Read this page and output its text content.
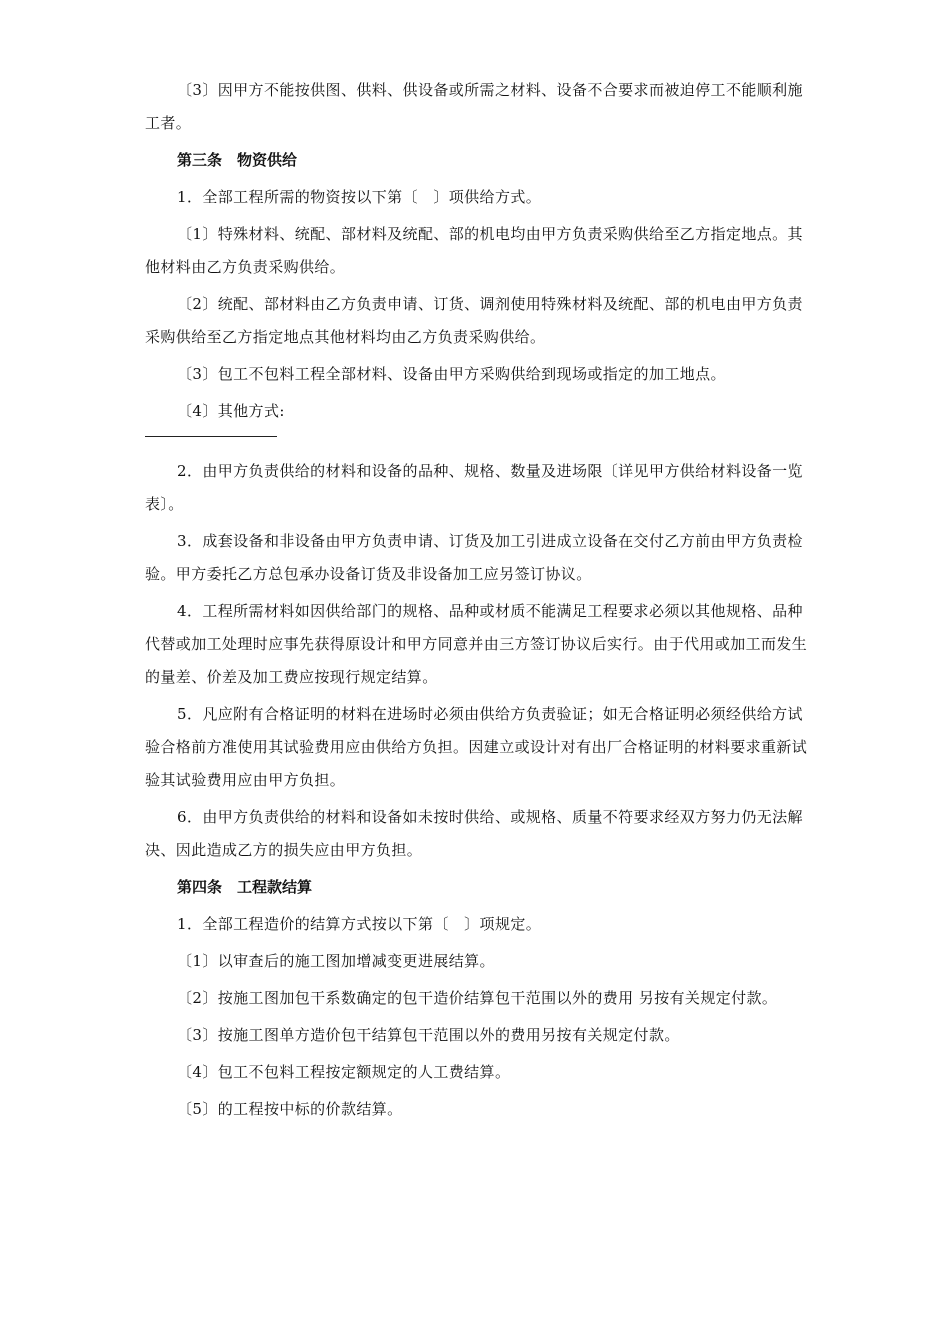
〔3〕因甲方不能按供图、供料、供设备或所需之材料、设备不合要求而被迫停工不能顺利施工者。

第三条　物资供给

1．全部工程所需的物资按以下第〔　〕项供给方式。

〔1〕特殊材料、统配、部材料及统配、部的机电均由甲方负责采购供给至乙方指定地点。其他材料由乙方负责采购供给。

〔2〕统配、部材料由乙方负责申请、订货、调剂使用特殊材料及统配、部的机电由甲方负责采购供给至乙方指定地点其他材料均由乙方负责采购供给。

〔3〕包工不包料工程全部材料、设备由甲方采购供给到现场或指定的加工地点。

〔4〕其他方式:

2．由甲方负责供给的材料和设备的品种、规格、数量及进场限〔详见甲方供给材料设备一览表〕。

3．成套设备和非设备由甲方负责申请、订货及加工引进成立设备在交付乙方前由甲方负责检验。甲方委托乙方总包承办设备订货及非设备加工应另签订协议。

4．工程所需材料如因供给部门的规格、品种或材质不能满足工程要求必须以其他规格、品种代替或加工处理时应事先获得原设计和甲方同意并由三方签订协议后实行。由于代用或加工而发生的量差、价差及加工费应按现行规定结算。

5．凡应附有合格证明的材料在进场时必须由供给方负责验证；如无合格证明必须经供给方试验合格前方准使用其试验费用应由供给方负担。因建立或设计对有出厂合格证明的材料要求重新试验其试验费用应由甲方负担。

6．由甲方负责供给的材料和设备如未按时供给、或规格、质量不符要求经双方努力仍无法解决、因此造成乙方的损失应由甲方负担。

第四条　工程款结算

1．全部工程造价的结算方式按以下第〔　〕项规定。

〔1〕以审查后的施工图加增减变更进展结算。

〔2〕按施工图加包干系数确定的包干造价结算包干范围以外的费用 另按有关规定付款。

〔3〕按施工图单方造价包干结算包干范围以外的费用另按有关规定付款。

〔4〕包工不包料工程按定额规定的人工费结算。

〔5〕的工程按中标的价款结算。
